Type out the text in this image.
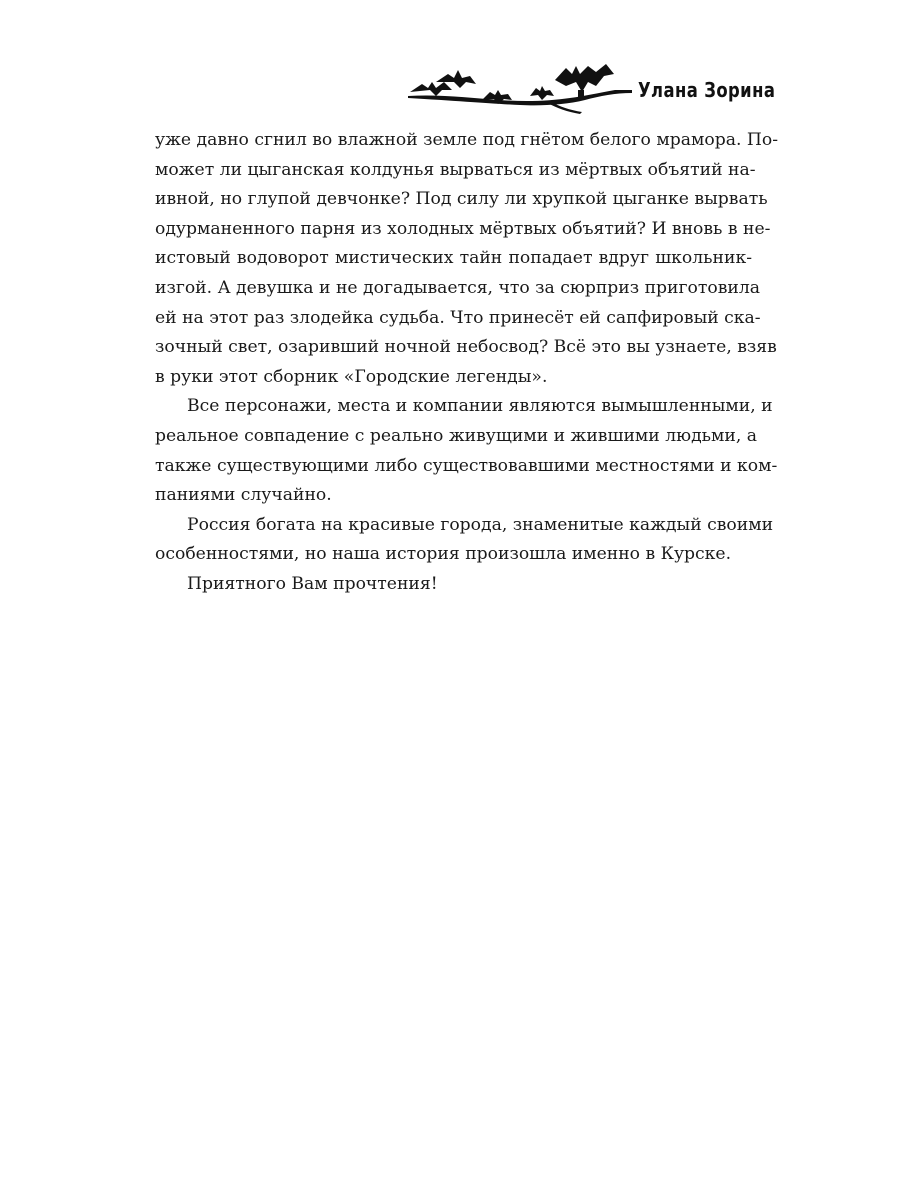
Улана Зорина
уже давно сгнил во влажной земле под гнётом белого мрамора. По-
может ли цыганская колдунья вырваться из мёртвых объятий на-
ивной, но глупой девчонке? Под силу ли хрупкой цыганке вырвать
одурманенного парня из холодных мёртвых объятий? И вновь в не-
истовый водоворот мистических тайн попадает вдруг школьник-
изгой. А девушка и не догадывается, что за сюрприз приготовила
ей на этот раз злодейка судьба. Что принесёт ей сапфировый ска-
зочный свет, озаривший ночной небосвод? Всё это вы узнаете, взяв
в руки этот сборник «Городские легенды».
Все персонажи, места и компании являются вымышленными, и
реальное совпадение с реально живущими и жившими людьми, а
также существующими либо существовавшими местностями и ком-
паниями случайно.
Россия богата на красивые города, знаменитые каждый своими
особенностями, но наша история произошла именно в Курске.
Приятного Вам прочтения!
